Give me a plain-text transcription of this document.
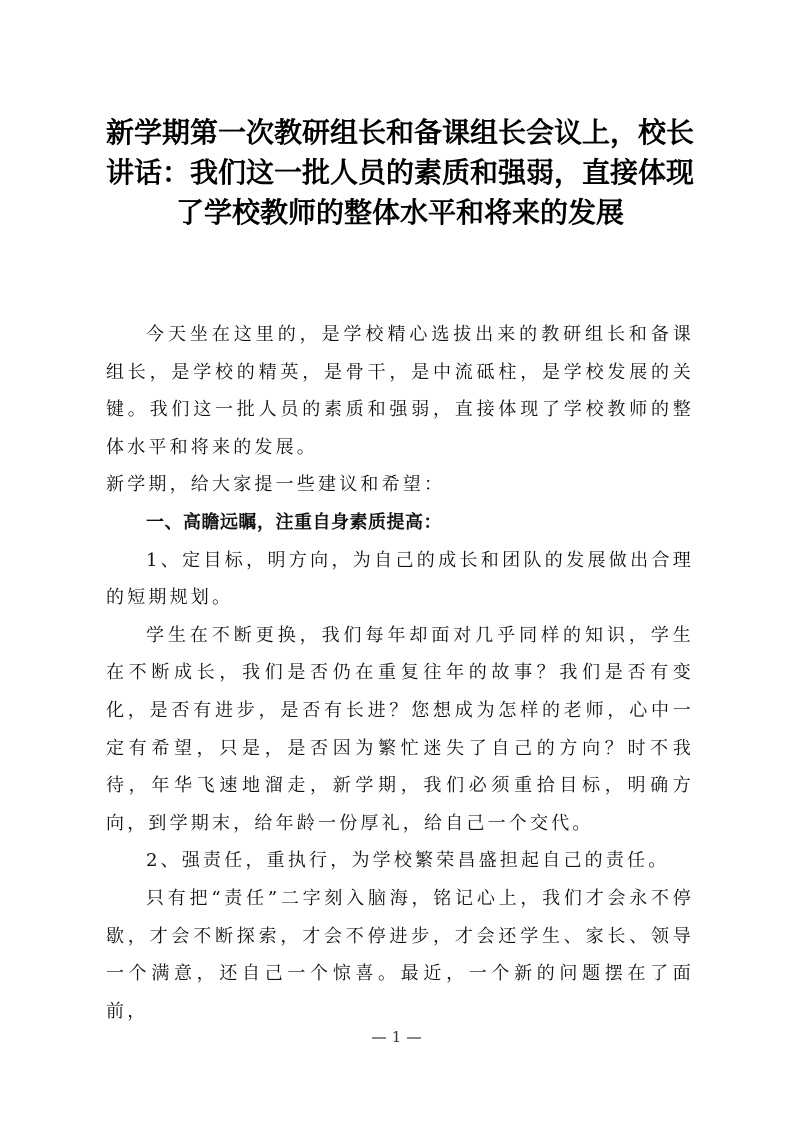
新学期第一次教研组长和备课组长会议上，校长讲话：我们这一批人员的素质和强弱，直接体现了学校教师的整体水平和将来的发展

今天坐在这里的，是学校精心选拔出来的教研组长和备课组长，是学校的精英，是骨干，是中流砥柱，是学校发展的关键。我们这一批人员的素质和强弱，直接体现了学校教师的整体水平和将来的发展。

新学期，给大家提一些建议和希望：

一、高瞻远瞩，注重自身素质提高：

1、定目标，明方向，为自己的成长和团队的发展做出合理的短期规划。

学生在不断更换，我们每年却面对几乎同样的知识，学生在不断成长，我们是否仍在重复往年的故事？我们是否有变化，是否有进步，是否有长进？您想成为怎样的老师，心中一定有希望，只是，是否因为繁忙迷失了自己的方向？时不我待，年华飞速地溜走，新学期，我们必须重拾目标，明确方向，到学期末，给年龄一份厚礼，给自己一个交代。

2、强责任，重执行，为学校繁荣昌盛担起自己的责任。

只有把“责任”二字刻入脑海，铭记心上，我们才会永不停歇，才会不断探索，才会不停进步，才会还学生、家长、领导一个满意，还自己一个惊喜。最近，一个新的问题摆在了面前，

1
